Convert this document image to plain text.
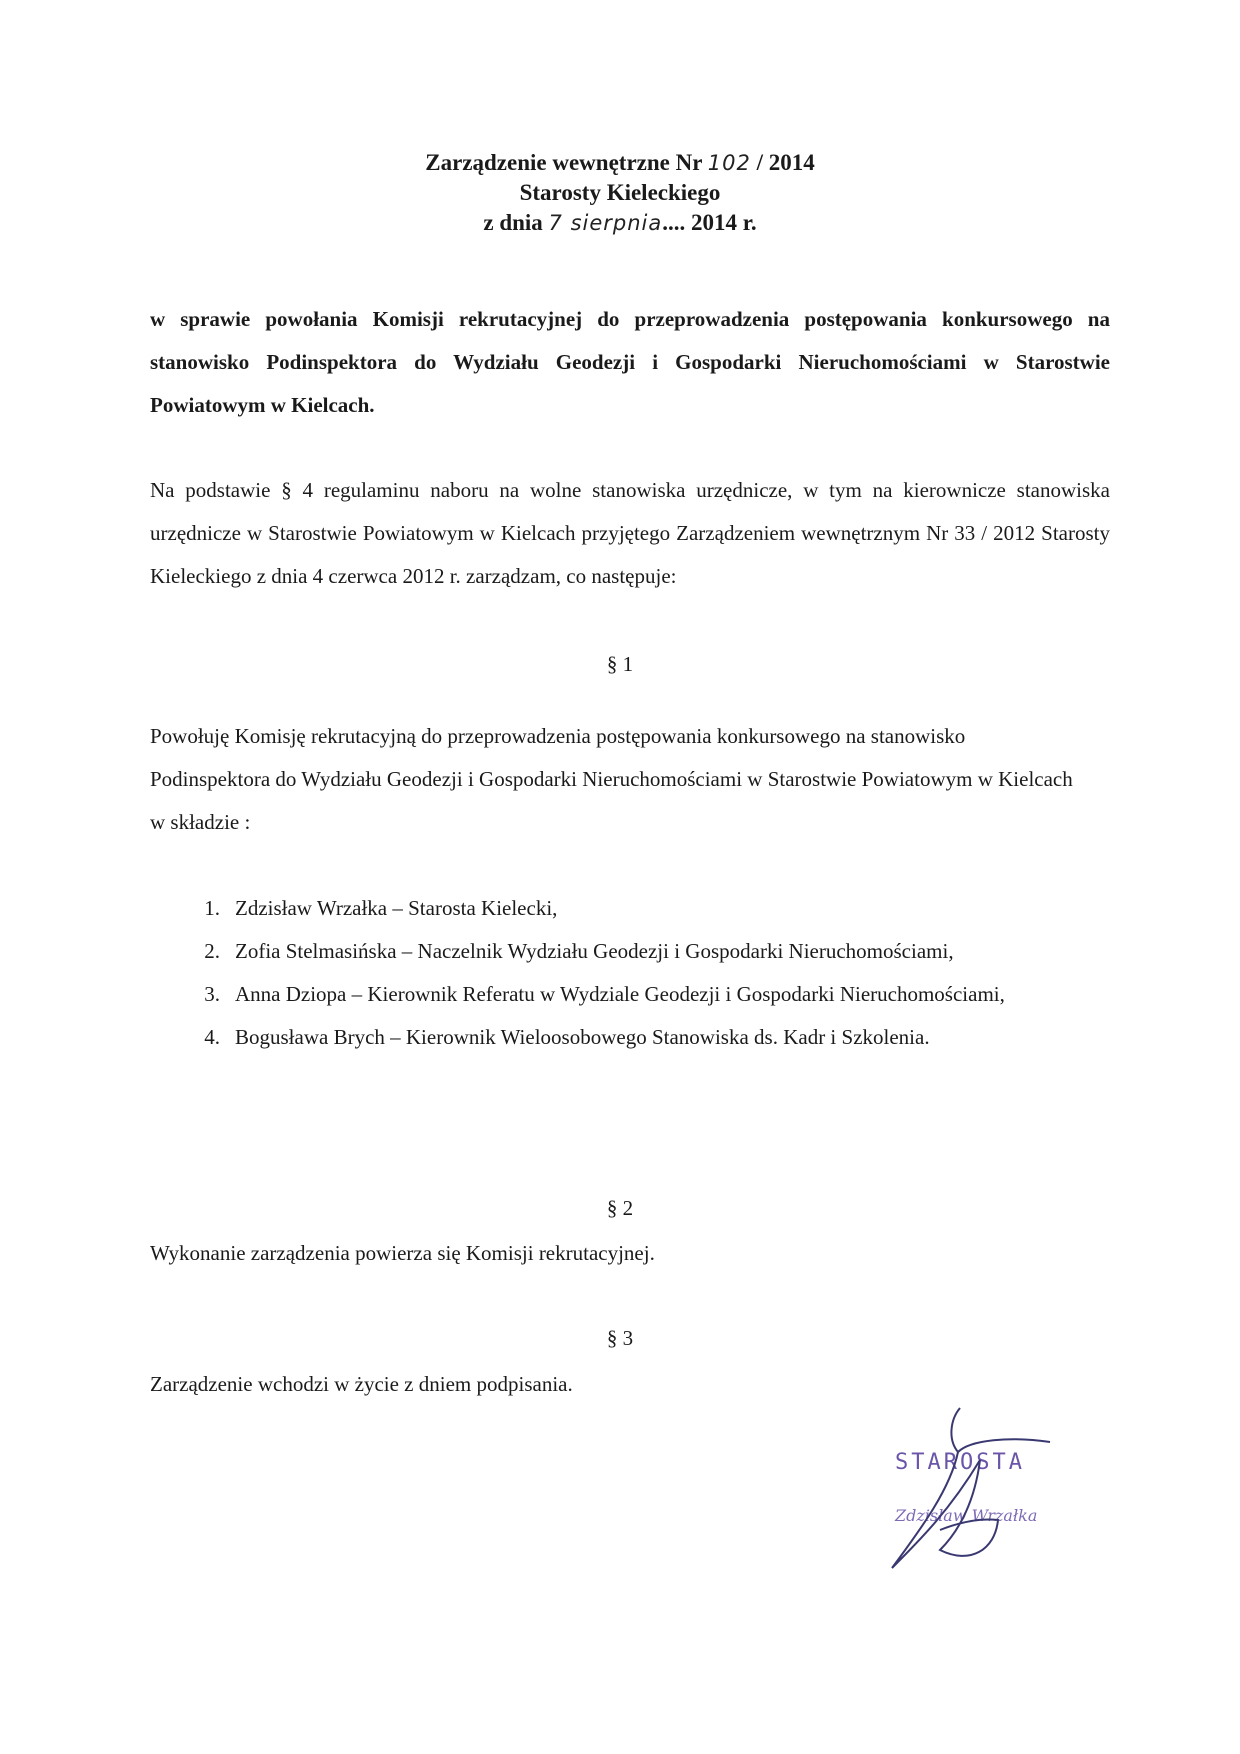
Zarządzenie wewnętrzne Nr 102 / 2014
Starosty Kieleckiego
z dnia 7 sierpnia.... 2014 r.
w sprawie powołania Komisji rekrutacyjnej do przeprowadzenia postępowania konkursowego na stanowisko Podinspektora do Wydziału Geodezji i Gospodarki Nieruchomościami w Starostwie Powiatowym w Kielcach.
Na podstawie § 4 regulaminu naboru na wolne stanowiska urzędnicze, w tym na kierownicze stanowiska urzędnicze w Starostwie Powiatowym w Kielcach przyjętego Zarządzeniem wewnętrznym Nr 33 / 2012 Starosty Kieleckiego z dnia 4 czerwca 2012 r. zarządzam, co następuje:
§ 1
Powołuję Komisję rekrutacyjną do przeprowadzenia postępowania konkursowego na stanowisko Podinspektora do Wydziału Geodezji i Gospodarki Nieruchomościami w Starostwie Powiatowym w Kielcach w składzie :
1. Zdzisław Wrzałka – Starosta Kielecki,
2. Zofia Stelmasińska – Naczelnik Wydziału Geodezji i Gospodarki Nieruchomościami,
3. Anna Dziopa – Kierownik Referatu w Wydziale Geodezji i Gospodarki Nieruchomościami,
4. Bogusława Brych – Kierownik Wieloosobowego Stanowiska ds. Kadr i Szkolenia.
§ 2
Wykonanie zarządzenia powierza się Komisji rekrutacyjnej.
§ 3
Zarządzenie wchodzi w życie z dniem podpisania.
STAROSTA
Zdzisław Wrzałka
